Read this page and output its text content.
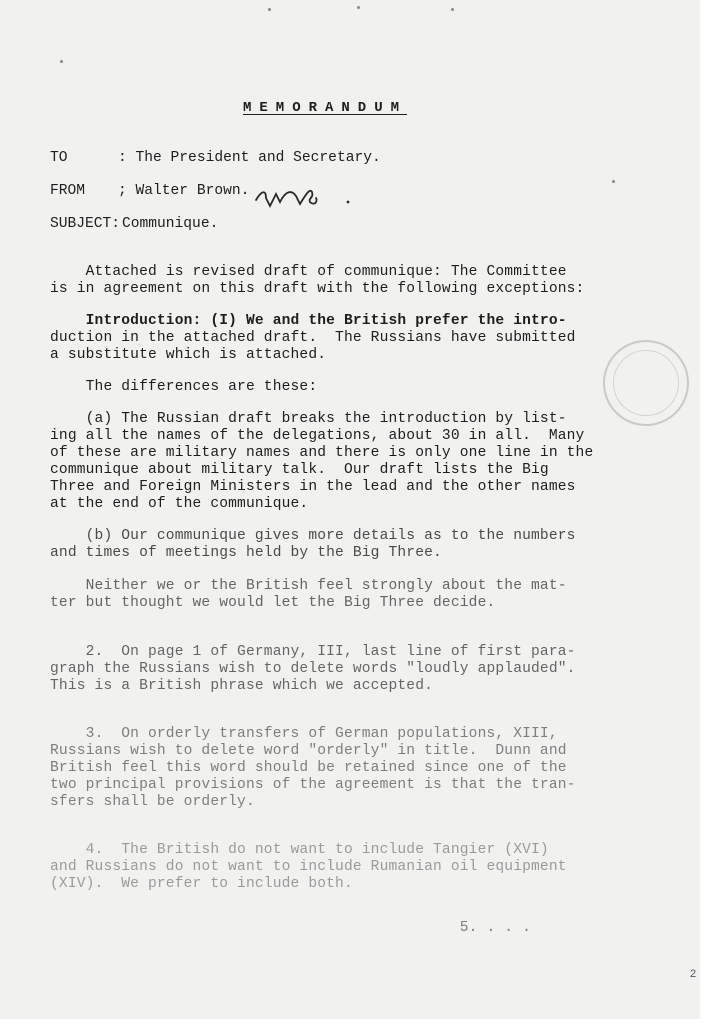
MEMORANDUM
TO	: The President and Secretary.
FROM ; Walter Brown.
SUBJECT: Communique.
Attached is revised draft of communique: The Committee
is in agreement on this draft with the following exceptions:
Introduction: (I) We and the British prefer the intro-
duction in the attached draft.  The Russians have submitted
a substitute which is attached.
The differences are these:
(a) The Russian draft breaks the introduction by list-
ing all the names of the delegations, about 30 in all.  Many
of these are military names and there is only one line in the
communique about military talk.  Our draft lists the Big
Three and Foreign Ministers in the lead and the other names
at the end of the communique.
(b) Our communique gives more details as to the numbers
and times of meetings held by the Big Three.
Neither we or the British feel strongly about the mat-
ter but thought we would let the Big Three decide.
2.  On page 1 of Germany, III, last line of first para-
graph the Russians wish to delete words "loudly applauded".
This is a British phrase which we accepted.
3.  On orderly transfers of German populations, XIII,
Russians wish to delete word "orderly" in title.  Dunn and
British feel this word should be retained since one of the
two principal provisions of the agreement is that the tran-
sfers shall be orderly.
4.  The British do not want to include Tangier (XVI)
and Russians do not want to include Rumanian oil equipment
(XIV).  We prefer to include both.
5. . . .
2
